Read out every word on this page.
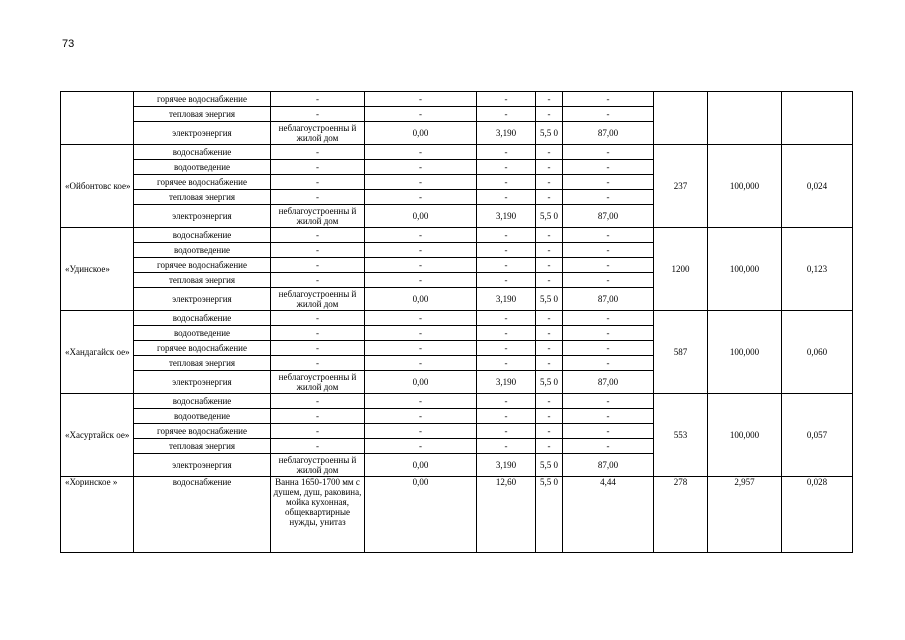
73
	горячее водоснабжение	-	-	-	-	-			
	тепловая энергия	-	-	-	-	-			
	электроэнергия	неблагоустроенны й жилой дом	0,00	3,190	5,5 0	87,00			
«Ойбонтовс кое»	водоснабжение	-	-	-	-	-	237	100,000	0,024
	водоотведение	-	-	-	-	-			
	горячее водоснабжение	-	-	-	-	-			
	тепловая энергия	-	-	-	-	-			
	электроэнергия	неблагоустроенны й жилой дом	0,00	3,190	5,5 0	87,00			
«Удинское»	водоснабжение	-	-	-	-	-	1200	100,000	0,123
	водоотведение	-	-	-	-	-			
	горячее водоснабжение	-	-	-	-	-			
	тепловая энергия	-	-	-	-	-			
	электроэнергия	неблагоустроенны й жилой дом	0,00	3,190	5,5 0	87,00			
«Хандагайск ое»	водоснабжение	-	-	-	-	-	587	100,000	0,060
	водоотведение	-	-	-	-	-			
	горячее водоснабжение	-	-	-	-	-			
	тепловая энергия	-	-	-	-	-			
	электроэнергия	неблагоустроенны й жилой дом	0,00	3,190	5,5 0	87,00			
«Хасуртайск ое»	водоснабжение	-	-	-	-	-	553	100,000	0,057
	водоотведение	-	-	-	-	-			
	горячее водоснабжение	-	-	-	-	-			
	тепловая энергия	-	-	-	-	-			
	электроэнергия	неблагоустроенны й жилой дом	0,00	3,190	5,5 0	87,00			
«Хоринское »	водоснабжение	Ванна 1650-1700 мм с душем, душ, раковина, мойка кухонная, общеквартирные нужды, унитаз	0,00	12,60	5,5 0	4,44	278	2,957	0,028
